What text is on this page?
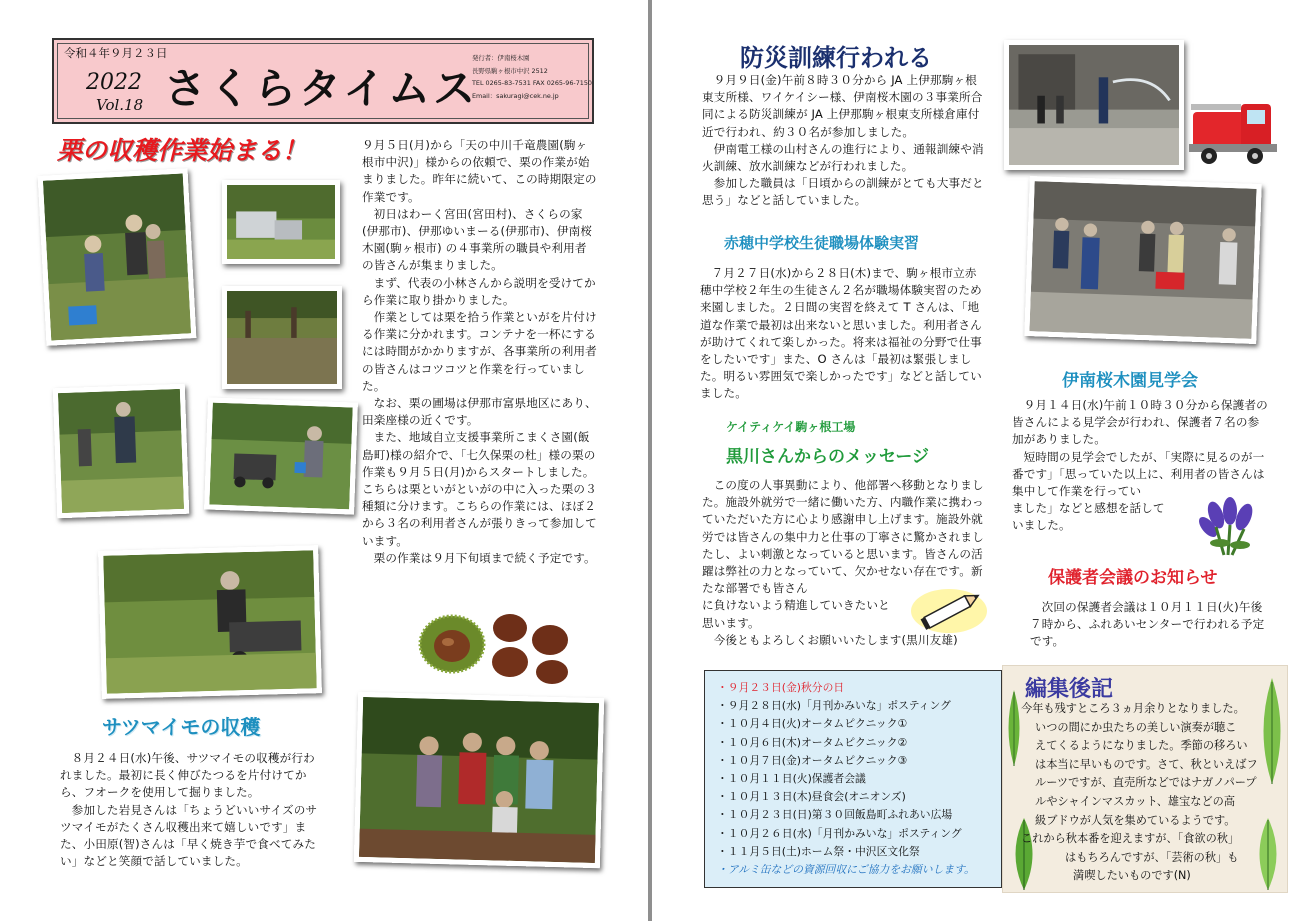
令和４年９月２３日
2022
Vol.18 さくらタイムス
発行者：伊南桜木園
長野県駒ヶ根市中沢 2512
TEL 0265-83-7531 FAX 0265-96-7150
Email：sakuragi@cek.ne.jp
栗の収穫作業始まる！	９月５日(月)から「天の中川千竜農園(駒ヶ根市中沢)」様からの依頼で、栗の作業が始まりました。昨年に続いて、この時期限定の作業です。

初日はわーく宮田(宮田村)、さくらの家(伊那市)、伊那ゆいまーる(伊那市)、伊南桜木園(駒ヶ根市) の４事業所の職員や利用者の皆さんが集まりました。

まず、代表の小林さんから説明を受けてから作業に取り掛かりました。

作業としては栗を拾う作業といがを片付ける作業に分かれます。コンテナを一杯にするには時間がかかりますが、各事業所の利用者の皆さんはコツコツと作業を行っていました。

なお、栗の圃場は伊那市富県地区にあり、田楽座様の近くです。

また、地域自立支援事業所こまくさ園(飯島町)様の紹介で、「七久保栗の杜」様の栗の作業も９月５日(月)からスタートしました。こちらは栗といがといがの中に入った栗の３種類に分けます。こちらの作業には、ほぼ２から３名の利用者さんが張りきって参加しています。

栗の作業は９月下旬頃まで続く予定です。

サツマイモの収穫

８月２４日(水)午後、サツマイモの収穫が行われました。最初に長く伸びたつるを片付けてから、フオークを使用して掘りました。

参加した岩見さんは「ちょうどいいサイズのサツマイモがたくさん収穫出来て嬉しいです」また、小田原(智)さんは「早く焼き芋で食べてみたい」などと笑顔で話していました。

防災訓練行われる

９月９日(金)午前８時３０分から JA 上伊那駒ヶ根東支所様、ワイケイシー様、伊南桜木園の３事業所合同による防災訓練が JA 上伊那駒ヶ根東支所様倉庫付近で行われ、約３０名が参加しました。

伊南電工様の山村さんの進行により、通報訓練や消火訓練、放水訓練などが行われました。

参加した職員は「日頃からの訓練がとても大事だと思う」などと話していました。

赤穂中学校生徒職場体験実習

７月２７日(水)から２８日(木)まで、駒ヶ根市立赤穂中学校２年生の生徒さん２名が職場体験実習のため来園しました。２日間の実習を終えて T さんは、「地道な作業で最初は出来ないと思いました。利用者さんが助けてくれて楽しかった。将来は福祉の分野で仕事をしたいです」また、O さんは「最初は緊張しました。明るい雰囲気で楽しかったです」などと話していました。

ケイティケイ駒ヶ根工場
黒川さんからのメッセージ

この度の人事異動により、他部署へ移動となりました。施設外就労で一緒に働いた方、内職作業に携わっていただいた方に心より感謝申し上げます。施設外就労では皆さんの集中力と仕事の丁寧さに驚かされましたし、よい刺激となっていると思います。皆さんの活躍は弊社の力となっていて、欠かせない存在です。新たな部署でも皆さん

に負けないよう精進していきたいと

思います。

今後ともよろしくお願いいたします(黒川友雄)

伊南桜木園見学会

９月１４日(水)午前１０時３０分から保護者の皆さんによる見学会が行われ、保護者７名の参加がありました。

短時間の見学会でしたが、「実際に見るのが一番です」「思っていた以上に、利用者の皆さんは集中して作業を行ってい

ました」などと感想を話して

いました。

保護者会議のお知らせ

次回の保護者会議は１０月１１日(火)午後７時から、ふれあいセンターで行われる予定です。

・９月２３日(金)秋分の日
・９月２８日(水)「月刊かみいな」ポスティング
・１０月４日(火)オータムピクニック①
・１０月６日(木)オータムピクニック②
・１０月７日(金)オータムピクニック③
・１０月１１日(火)保護者会議
・１０月１３日(木)昼食会(オニオンズ)
・１０月２３日(日)第３０回飯島町ふれあい広場
・１０月２６日(水)「月刊かみいな」ポスティング
・１１月５日(土)ホーム祭・中沢区文化祭
・アルミ缶などの資源回収にご協力をお願いします。
編集後記
今年も残すところ３ヵ月余りとなりました。
いつの間にか虫たちの美しい演奏が聴こ
えてくるようになりました。季節の移ろい
は本当に早いものです。さて、秋といえばフ
ルーツですが、直売所などではナガノパープ
ルやシャインマスカット、雄宝などの高
級ブドウが人気を集めているようです。
これから秋本番を迎えますが、「食欲の秋」
はもちろんですが、「芸術の秋」も
満喫したいものです(N)
